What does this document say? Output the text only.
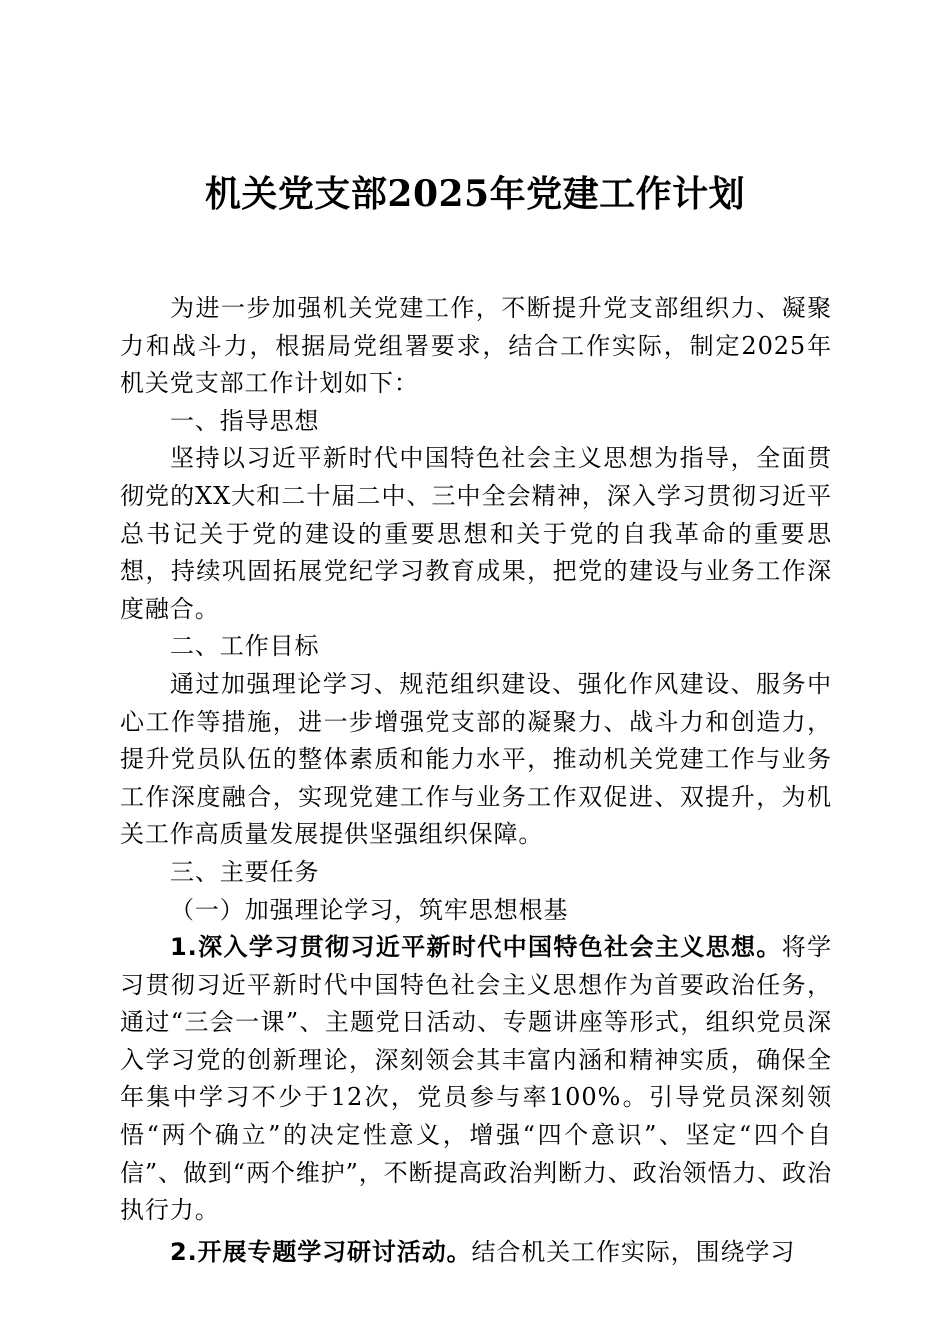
机关党支部2025年党建工作计划

为进一步加强机关党建工作，不断提升党支部组织力、凝聚力和战斗力，根据局党组署要求，结合工作实际，制定2025年机关党支部工作计划如下：

一、指导思想

坚持以习近平新时代中国特色社会主义思想为指导，全面贯彻党的XX大和二十届二中、三中全会精神，深入学习贯彻习近平总书记关于党的建设的重要思想和关于党的自我革命的重要思想，持续巩固拓展党纪学习教育成果，把党的建设与业务工作深度融合。

二、工作目标

通过加强理论学习、规范组织建设、强化作风建设、服务中心工作等措施，进一步增强党支部的凝聚力、战斗力和创造力，提升党员队伍的整体素质和能力水平，推动机关党建工作与业务工作深度融合，实现党建工作与业务工作双促进、双提升，为机关工作高质量发展提供坚强组织保障。

三、主要任务

（一）加强理论学习，筑牢思想根基

1.深入学习贯彻习近平新时代中国特色社会主义思想。将学习贯彻习近平新时代中国特色社会主义思想作为首要政治任务，通过“三会一课”、主题党日活动、专题讲座等形式，组织党员深入学习党的创新理论，深刻领会其丰富内涵和精神实质，确保全年集中学习不少于12次，党员参与率100%。引导党员深刻领悟“两个确立”的决定性意义，增强“四个意识”、坚定“四个自信”、做到“两个维护”，不断提高政治判断力、政治领悟力、政治执行力。

2.开展专题学习研讨活动。结合机关工作实际，围绕学习
